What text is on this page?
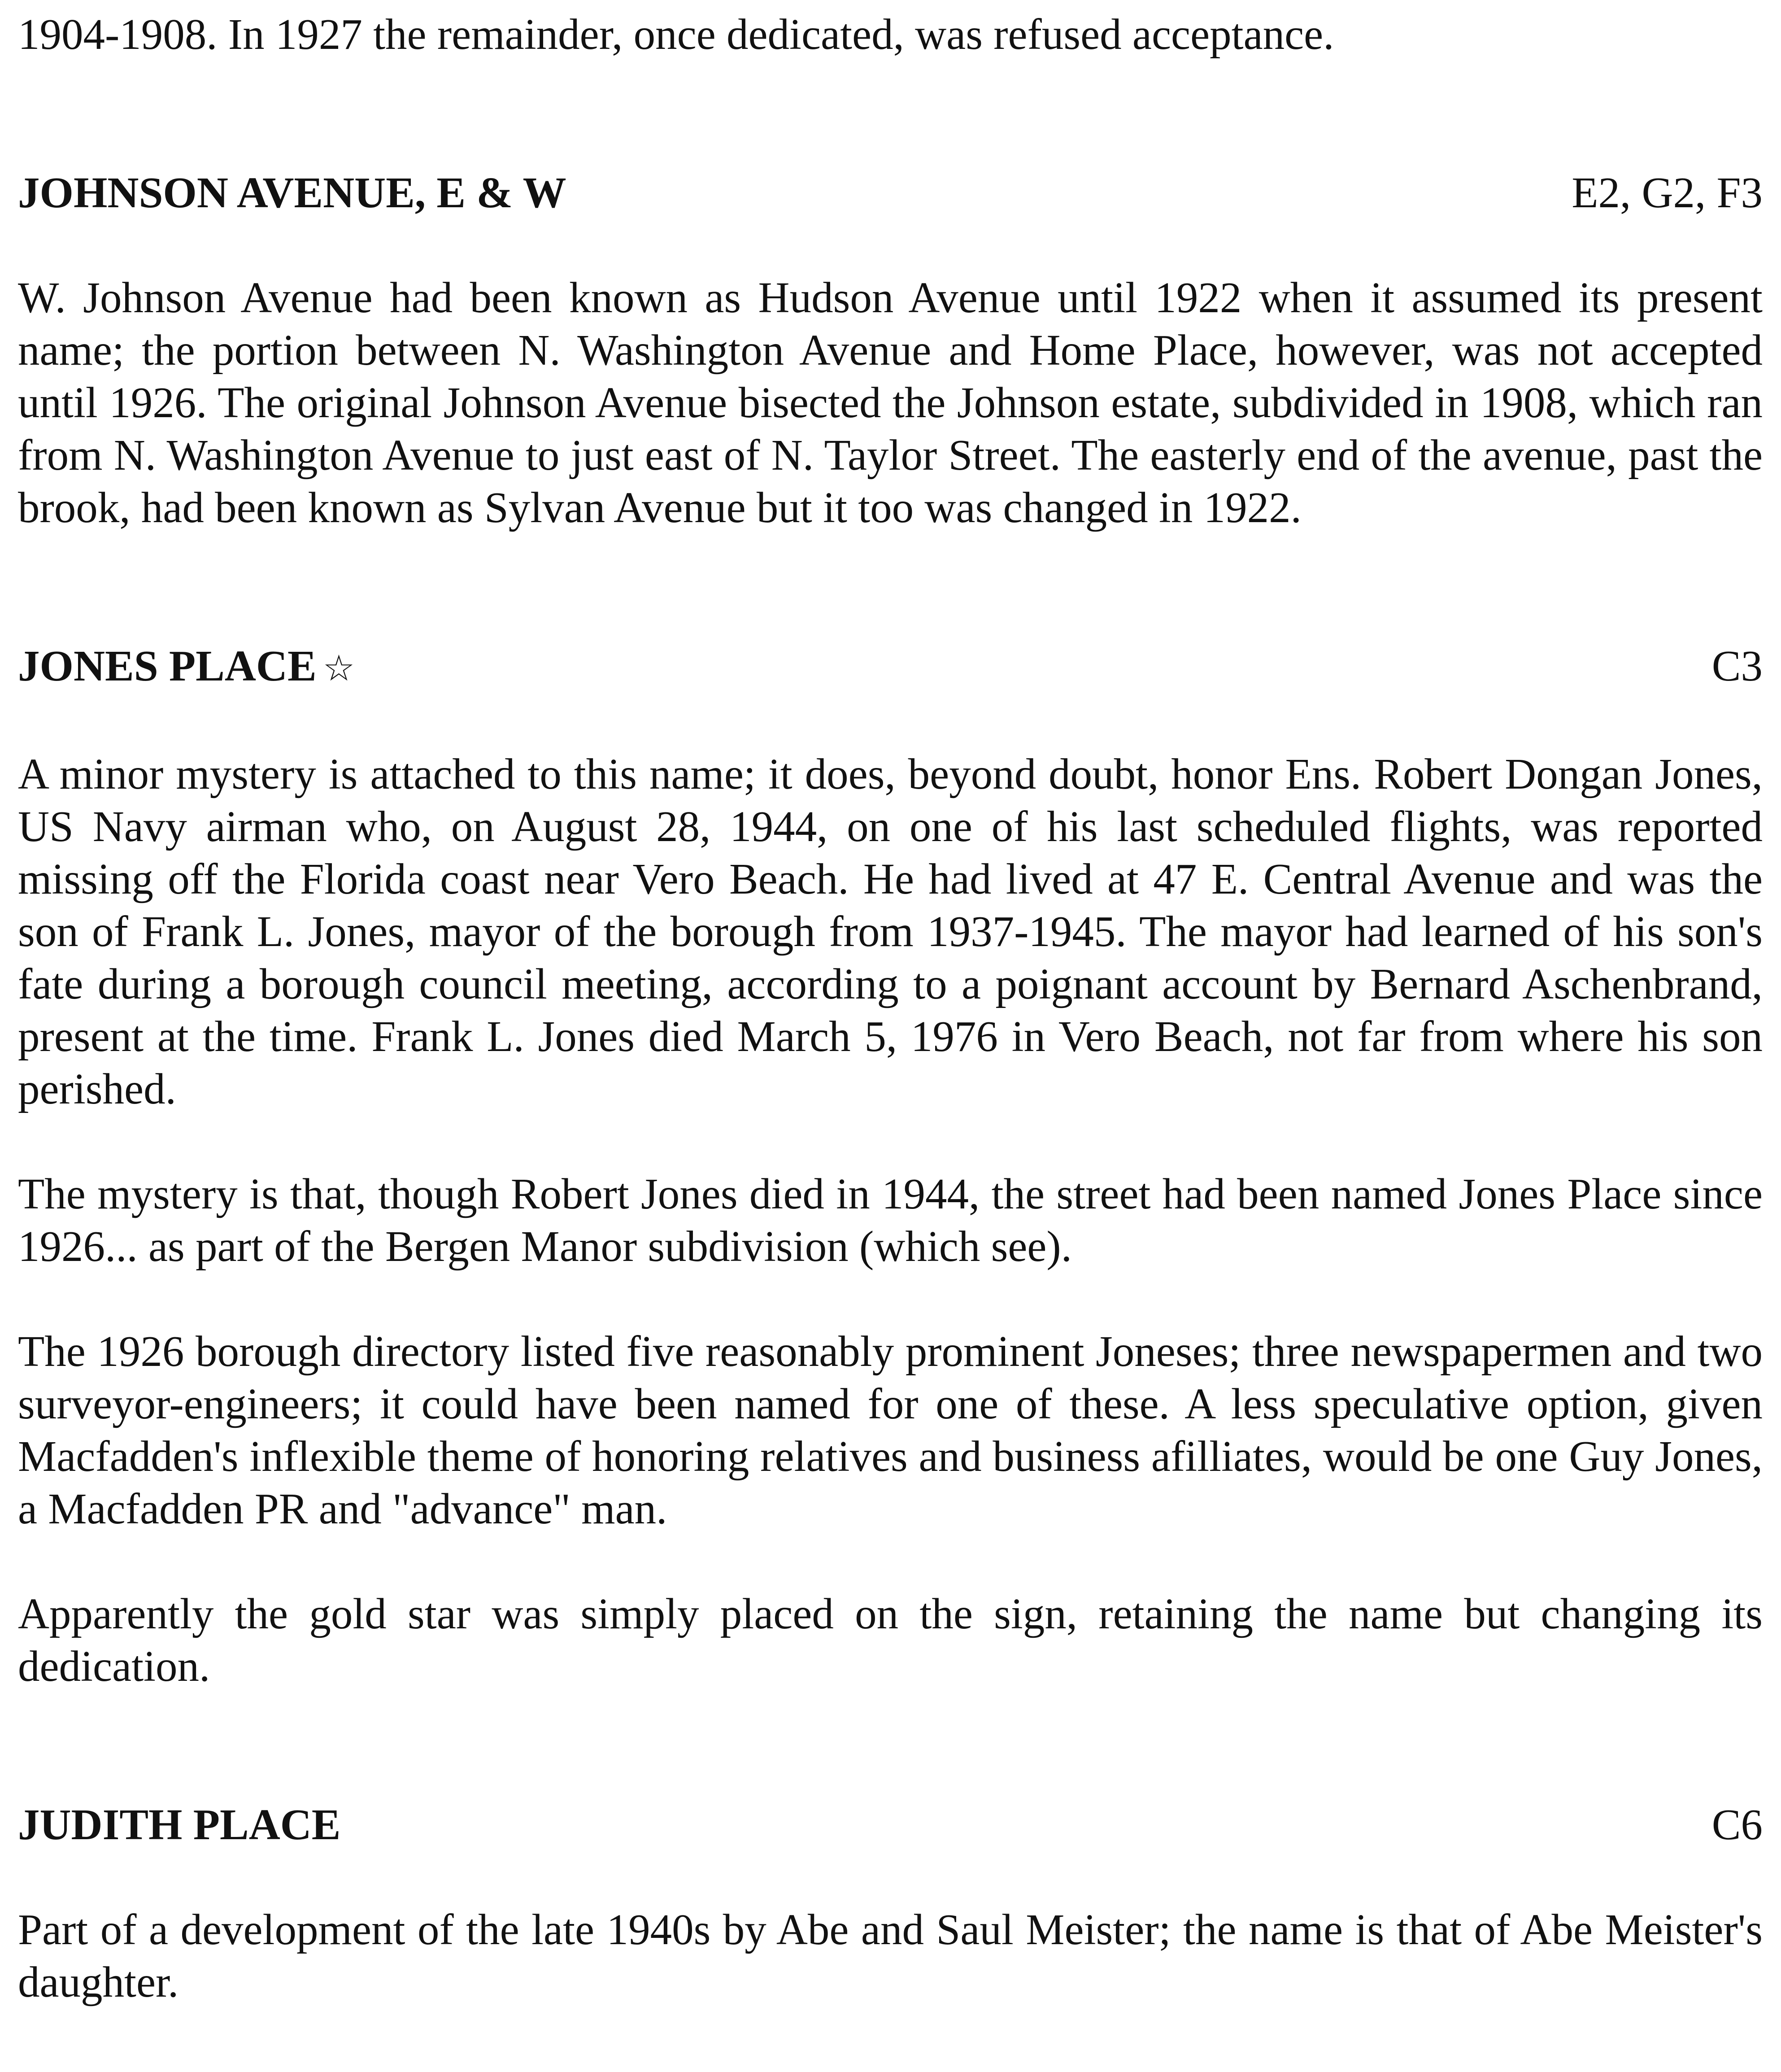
1904-1908. In 1927 the remainder, once dedicated, was refused acceptance.

JOHNSON AVENUE, E & W	E2, G2, F3

W. Johnson Avenue had been known as Hudson Avenue until 1922 when it assumed its present name; the portion between N. Washington Avenue and Home Place, however, was not accepted until 1926. The original Johnson Avenue bisected the Johnson estate, subdivided in 1908, which ran from N. Washington Avenue to just east of N. Taylor Street. The easterly end of the avenue, past the brook, had been known as Sylvan Avenue but it too was changed in 1922.

JONES PLACE ☆	C3

A minor mystery is attached to this name; it does, beyond doubt, honor Ens. Robert Dongan Jones, US Navy airman who, on August 28, 1944, on one of his last scheduled flights, was reported missing off the Florida coast near Vero Beach. He had lived at 47 E. Central Avenue and was the son of Frank L. Jones, mayor of the borough from 1937-1945. The mayor had learned of his son's fate during a borough council meeting, according to a poignant account by Bernard Aschenbrand, present at the time. Frank L. Jones died March 5, 1976 in Vero Beach, not far from where his son perished.

The mystery is that, though Robert Jones died in 1944, the street had been named Jones Place since 1926... as part of the Bergen Manor subdivision (which see).

The 1926 borough directory listed five reasonably prominent Joneses; three newspapermen and two surveyor-engineers; it could have been named for one of these. A less speculative option, given Macfadden's inflexible theme of honoring relatives and business afilliates, would be one Guy Jones, a Macfadden PR and "advance" man.

Apparently the gold star was simply placed on the sign, retaining the name but changing its dedication.

JUDITH PLACE	C6

Part of a development of the late 1940s by Abe and Saul Meister; the name is that of Abe Meister's daughter.
